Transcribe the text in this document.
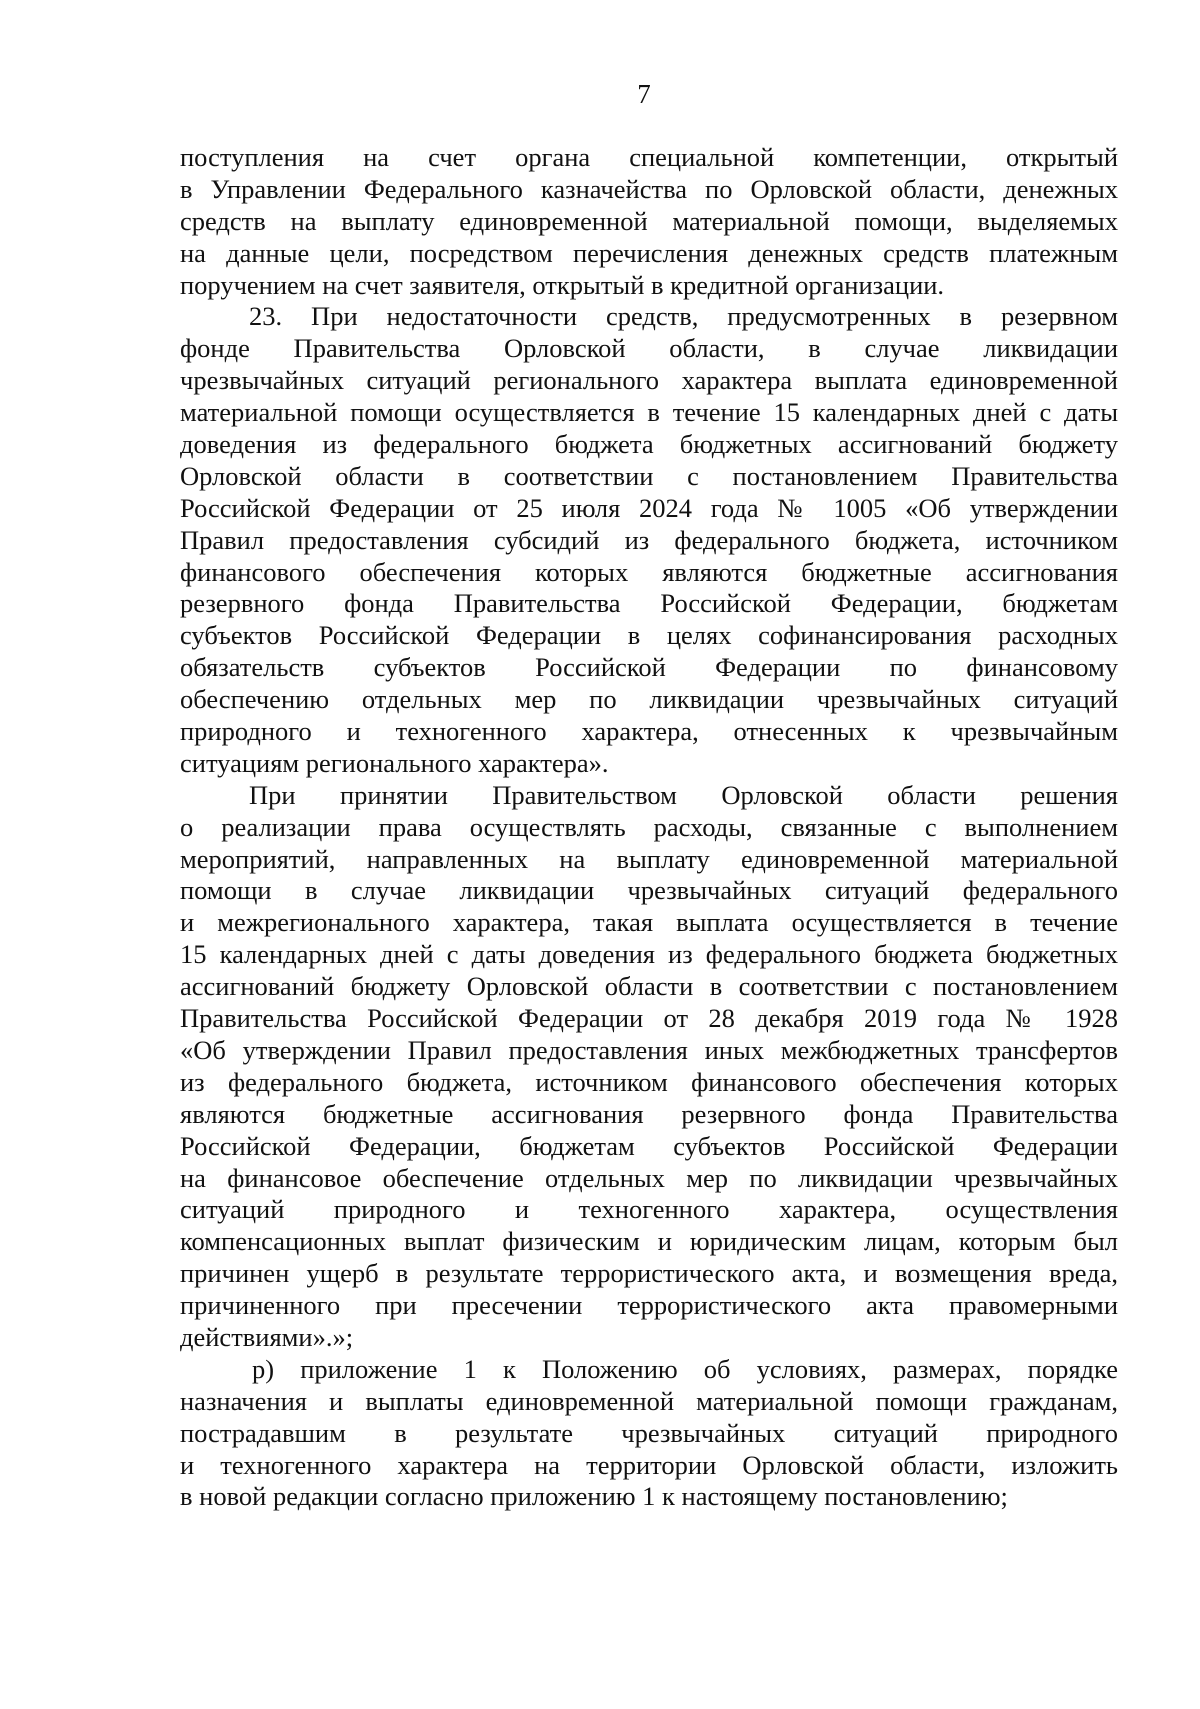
7
поступления на счет органа специальной компетенции, открытый
в Управлении Федерального казначейства по Орловской области, денежных
средств на выплату единовременной материальной помощи, выделяемых
на данные цели, посредством перечисления денежных средств платежным
поручением на счет заявителя, открытый в кредитной организации.
23. При недостаточности средств, предусмотренных в резервном
фонде Правительства Орловской области, в случае ликвидации
чрезвычайных ситуаций регионального характера выплата единовременной
материальной помощи осуществляется в течение 15 календарных дней с даты
доведения из федерального бюджета бюджетных ассигнований бюджету
Орловской области в соответствии с постановлением Правительства
Российской Федерации от 25 июля 2024 года № 1005 «Об утверждении
Правил предоставления субсидий из федерального бюджета, источником
финансового обеспечения которых являются бюджетные ассигнования
резервного фонда Правительства Российской Федерации, бюджетам
субъектов Российской Федерации в целях софинансирования расходных
обязательств субъектов Российской Федерации по финансовому
обеспечению отдельных мер по ликвидации чрезвычайных ситуаций
природного и техногенного характера, отнесенных к чрезвычайным
ситуациям регионального характера».
При принятии Правительством Орловской области решения
о реализации права осуществлять расходы, связанные с выполнением
мероприятий, направленных на выплату единовременной материальной
помощи в случае ликвидации чрезвычайных ситуаций федерального
и межрегионального характера, такая выплата осуществляется в течение
15 календарных дней с даты доведения из федерального бюджета бюджетных
ассигнований бюджету Орловской области в соответствии с постановлением
Правительства Российской Федерации от 28 декабря 2019 года № 1928
«Об утверждении Правил предоставления иных межбюджетных трансфертов
из федерального бюджета, источником финансового обеспечения которых
являются бюджетные ассигнования резервного фонда Правительства
Российской Федерации, бюджетам субъектов Российской Федерации
на финансовое обеспечение отдельных мер по ликвидации чрезвычайных
ситуаций природного и техногенного характера, осуществления
компенсационных выплат физическим и юридическим лицам, которым был
причинен ущерб в результате террористического акта, и возмещения вреда,
причиненного при пресечении террористического акта правомерными
действиями».»;
р) приложение 1 к Положению об условиях, размерах, порядке
назначения и выплаты единовременной материальной помощи гражданам,
пострадавшим в результате чрезвычайных ситуаций природного
и техногенного характера на территории Орловской области, изложить
в новой редакции согласно приложению 1 к настоящему постановлению;
